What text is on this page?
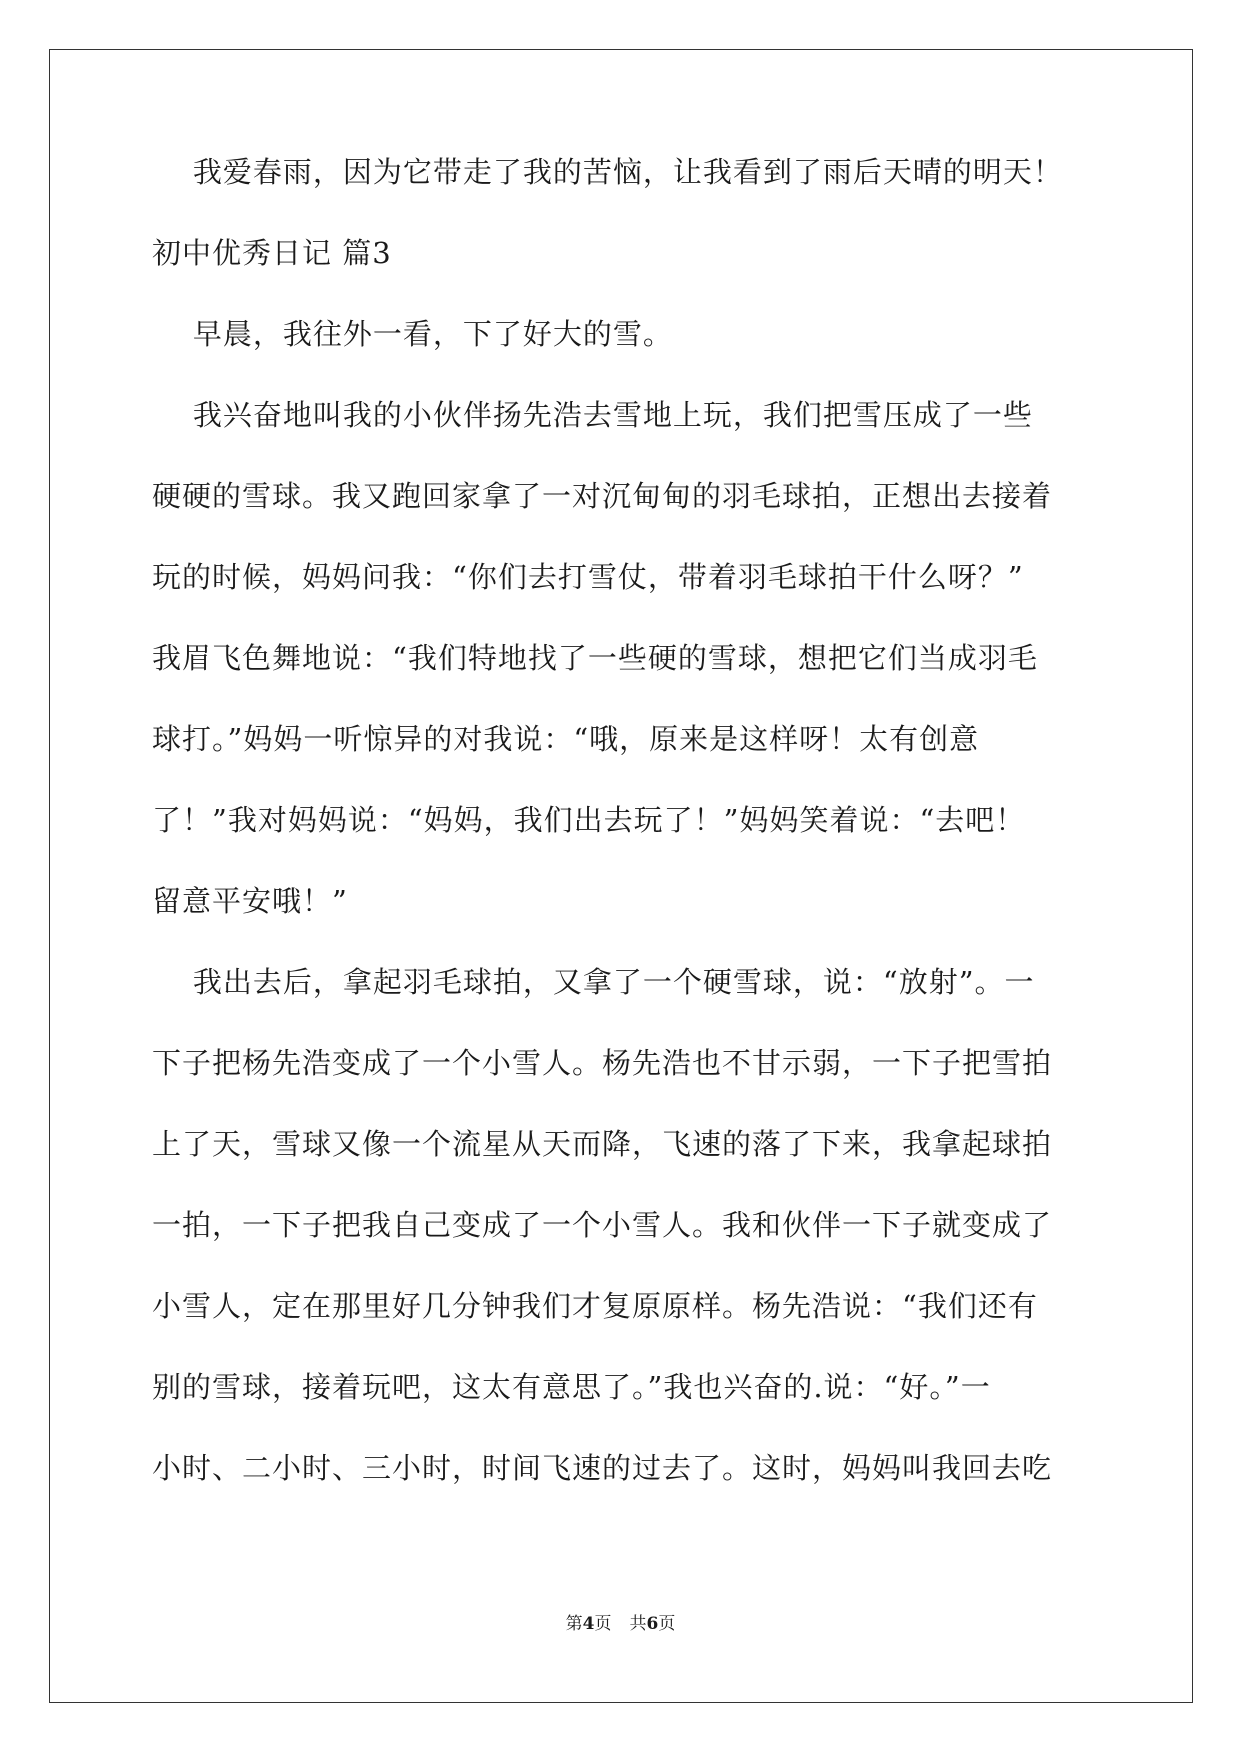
我爱春雨，因为它带走了我的苦恼，让我看到了雨后天晴的明天！
初中优秀日记 篇3
早晨，我往外一看，下了好大的雪。
我兴奋地叫我的小伙伴扬先浩去雪地上玩，我们把雪压成了一些
硬硬的雪球。我又跑回家拿了一对沉甸甸的羽毛球拍，正想出去接着
玩的时候，妈妈问我：“你们去打雪仗，带着羽毛球拍干什么呀？”
我眉飞色舞地说：“我们特地找了一些硬的雪球，想把它们当成羽毛
球打。”妈妈一听惊异的对我说：“哦，原来是这样呀！太有创意
了！”我对妈妈说：“妈妈，我们出去玩了！”妈妈笑着说：“去吧！
留意平安哦！”
我出去后，拿起羽毛球拍，又拿了一个硬雪球，说：“放射”。一
下子把杨先浩变成了一个小雪人。杨先浩也不甘示弱，一下子把雪拍
上了天，雪球又像一个流星从天而降，飞速的落了下来，我拿起球拍
一拍，一下子把我自己变成了一个小雪人。我和伙伴一下子就变成了
小雪人，定在那里好几分钟我们才复原原样。杨先浩说：“我们还有
别的雪球，接着玩吧，这太有意思了。”我也兴奋的.说：“好。”一
小时、二小时、三小时，时间飞速的过去了。这时，妈妈叫我回去吃
第4页 共6页
